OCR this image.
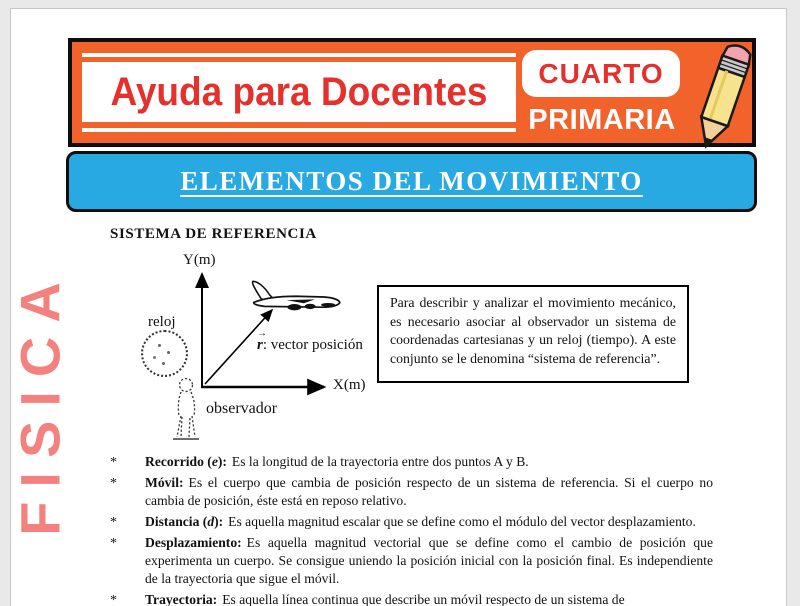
Ayuda para Docentes CUARTO
PRIMARIA
ELEMENTOS DEL MOVIMIENTO
FISICA
SISTEMA DE REFERENCIA
reloj
observador
Y(m)
X(m)
r
→
: vector posición
Para describir y analizar el movimiento mecánico, es necesario asociar al observador un sistema de coordenadas cartesianas y un reloj (tiempo). A este conjunto se le denomina “sistema de referencia”.
* Recorrido (e): Es la longitud de la trayectoria entre dos puntos A y B.
* Móvil: Es el cuerpo que cambia de posición respecto de un sistema de referencia. Si el cuerpo no cambia de posición, éste está en reposo relativo.
* Distancia (d): Es aquella magnitud escalar que se define como el módulo del vector desplazamiento.
* Desplazamiento: Es aquella magnitud vectorial que se define como el cambio de posición que experimenta un cuerpo. Se consigue uniendo la posición inicial con la posición final. Es independiente de la trayectoria que sigue el móvil.
* Trayectoria: Es aquella línea continua que describe un móvil respecto de un sistema de
